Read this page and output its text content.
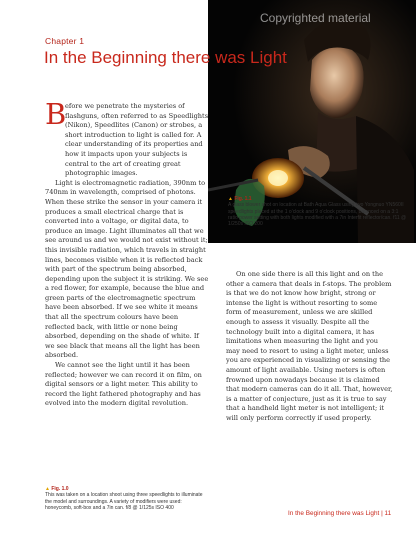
Copyrighted material
Chapter 1
In the Beginning there was Light
▲ Fig. 1.1
A glass blower shot on location at Bath Aqua Glass using two Yongnuo YN560II speedlights placed at the 1 o’clock and 9 o’clock positions, balanced on a 3:1 ratio power setting with both lights modified with a 7in Interfit reflector/can. f11 @ 1/250s ISO 200
B

efore we penetrate the mysteries of flashguns, often referred to as Speedlights (Nikon), Speedlites (Canon) or strobes, a short introduction to light is called for. A clear understanding of its properties and how it impacts upon your subjects is central to the art of creating great photographic images.

Light is electromagnetic radiation, 390nm to 740nm in wavelength, comprised of photons. When these strike the sensor in your camera it produces a small electrical charge that is converted into a voltage, or digital data, to produce an image. Light illuminates all that we see around us and we would not exist without it; this invisible radiation, which travels in straight lines, becomes visible when it is reflected back with part of the spectrum being absorbed, depending upon the subject it is striking. We see a red flower, for example, because the blue and green parts of the electromagnetic spectrum have been absorbed. If we see white it means that all the spectrum colours have been reflected back, with little or none being absorbed, depending on the shade of white. If we see black that means all the light has been absorbed.

We cannot see the light until it has been reflected; however we can record it on film, on digital sensors or a light meter. This ability to record the light fathered photography and has evolved into the modern digital revolution.

On one side there is all this light and on the other a camera that deals in f-stops. The problem is that we do not know how bright, strong or intense the light is without resorting to some form of measurement, unless we are skilled enough to assess it visually. Despite all the technology built into a digital camera, it has limitations when measuring the light and you may need to resort to using a light meter, unless you are experienced in visualizing or sensing the amount of light available. Using meters is often frowned upon nowadays because it is claimed that modern cameras can do it all. That, however, is a matter of conjecture, just as it is true to say that a handheld light meter is not intelligent; it will only perform correctly if used properly.

▲ Fig. 1.0
This was taken on a location shoot using three speedlights to illuminate the model and surroundings. A variety of modifiers were used: honeycomb, soft-box and a 7in can. f/8 @ 1/125s ISO 400
In the Beginning there was Light | 11
